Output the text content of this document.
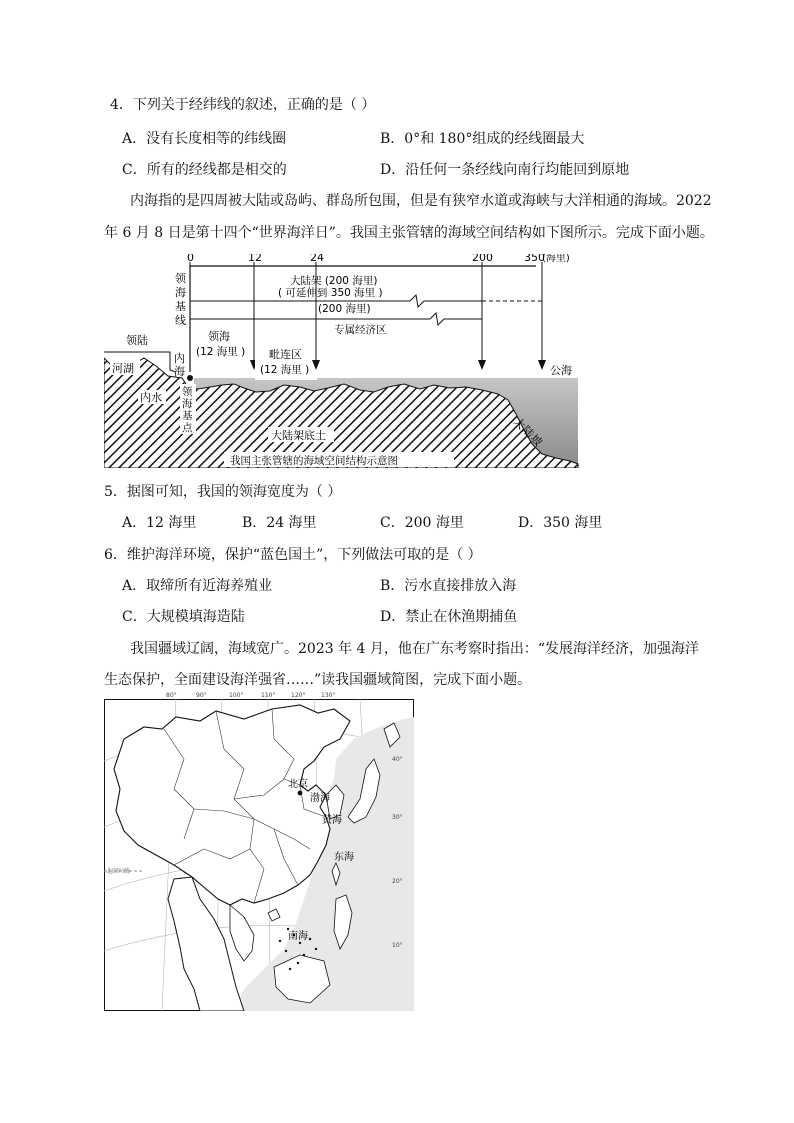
4．下列关于经纬线的叙述，正确的是（ ）
A．没有长度相等的纬线圈	B．0°和 180°组成的经线圈最大
C．所有的经线都是相交的	D．沿任何一条经线向南行均能回到原地
内海指的是四周被大陆或岛屿、群岛所包围，但是有狭窄水道或海峡与大洋相通的海域。2022
年 6 月 8 日是第十四个“世界海洋日”。我国主张管辖的海域空间结构如下图所示。完成下面小题。
0	12	24	200	350
(海里)
领
海
基
线
大陆架 (200 海里)
( 可延伸到 350 海里 )
(200 海里)
专属经济区
领海
(12 海里 ) 毗连区
(12 海里 )
领陆
河湖
内
海
内水 领
海
基
点
公海
大陆架底土
大
陆
坡
我国主张管辖的海域空间结构示意图
5．据图可知，我国的领海宽度为（ ）
A．12 海里	B．24 海里	C．200 海里	D．350 海里
6．维护海洋环境，保护“蓝色国土”，下列做法可取的是（ ）
A．取缔所有近海养殖业	B．污水直接排放入海
C．大规模填海造陆	D．禁止在休渔期捕鱼
我国疆域辽阔，海域宽广。2023 年 4 月，他在广东考察时指出：“发展海洋经济，加强海洋
生态保护，全面建设海洋强省……”读我国疆域简图，完成下面小题。
北京
渤海
黄海
东海
南海
北回归线
40°
30°
20°
10°
80°	90°	100°	110°	120°	130°
